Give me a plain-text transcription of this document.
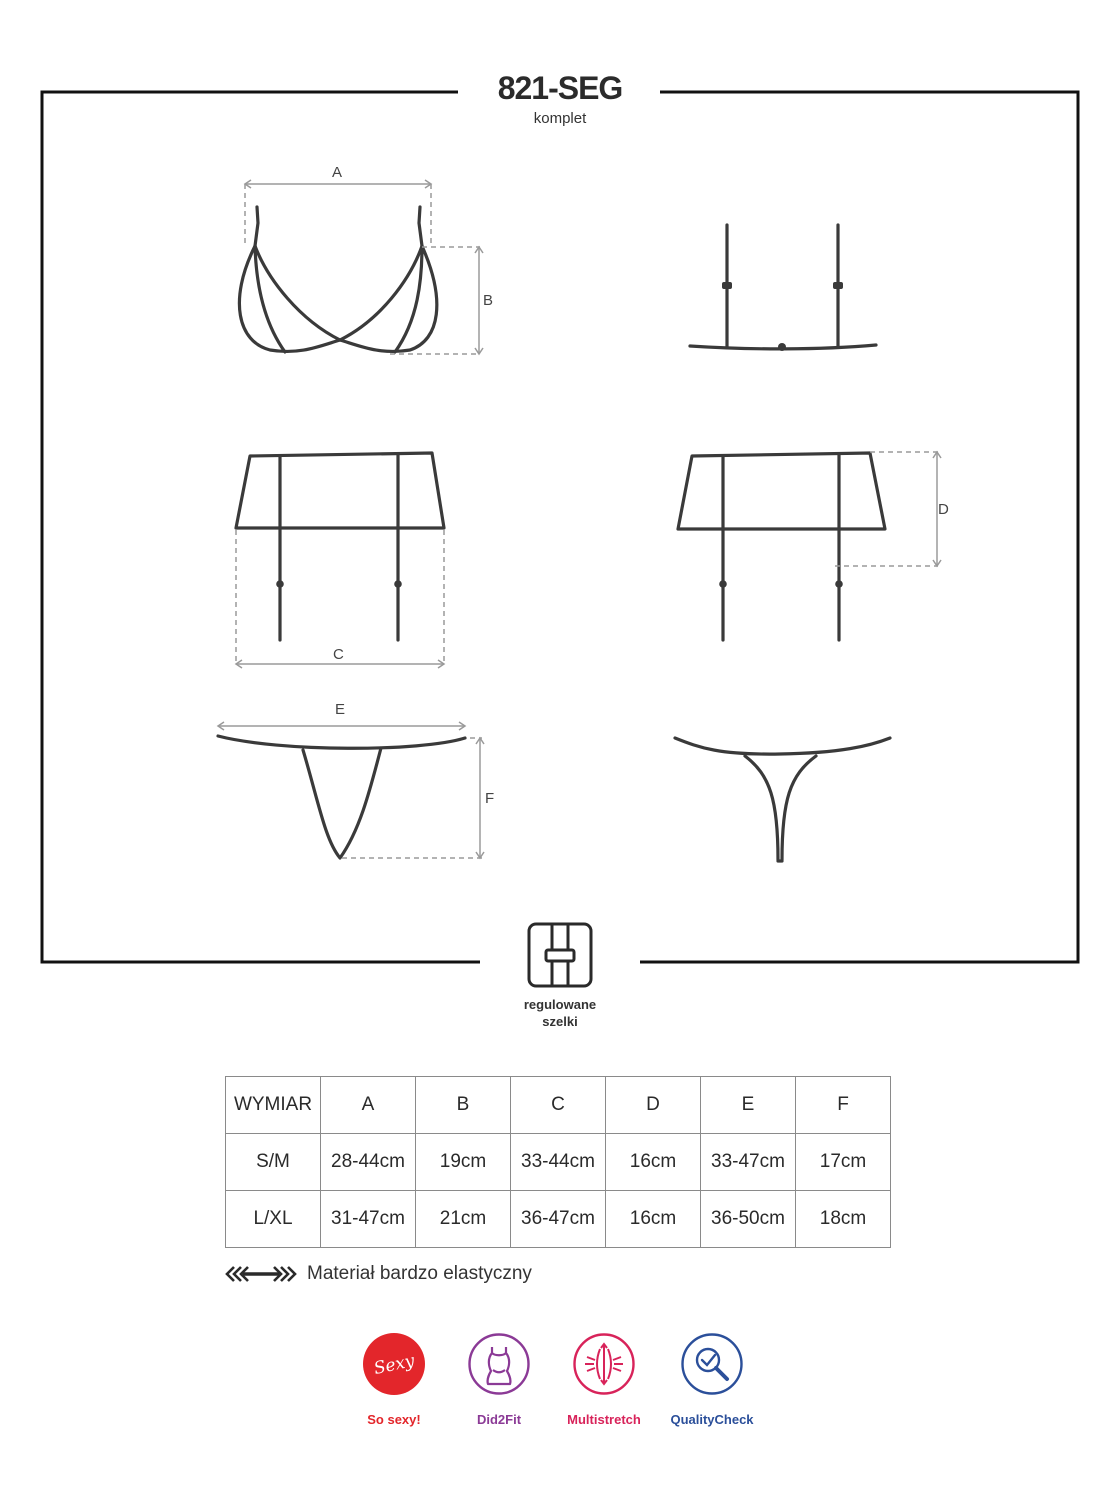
821-SEG
komplet
A
B
C
D
E
F
regulowane
szelki
WYMIAR	A	B	C	D	E	F
S/M	28-44cm	19cm	33-44cm	16cm	33-47cm	17cm
L/XL	31-47cm	21cm	36-47cm	16cm	36-50cm	18cm
Materiał bardzo elastyczny
Sexy
So sexy!	Did2Fit	Multistretch	QualityCheck
